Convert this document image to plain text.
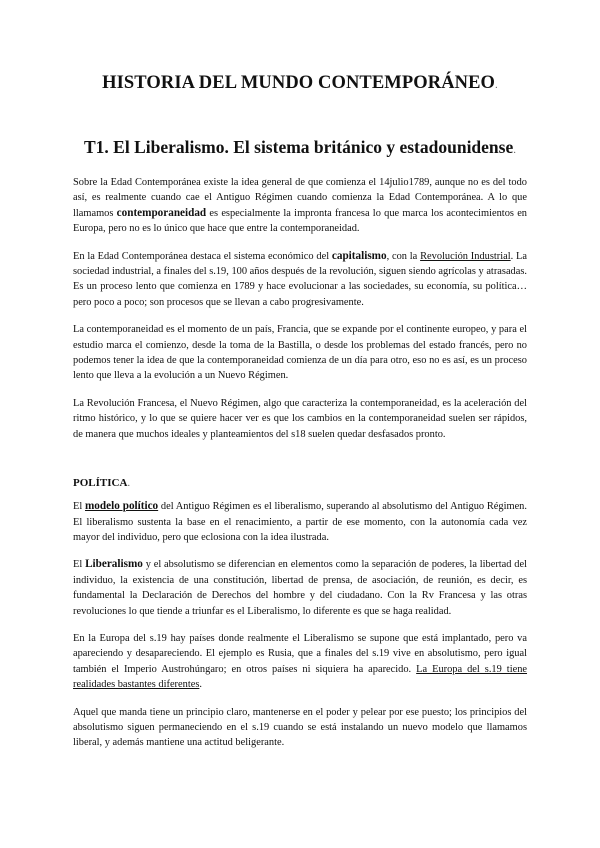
HISTORIA DEL MUNDO CONTEMPORÁNEO.
T1. El Liberalismo. El sistema británico y estadounidense.

Sobre la Edad Contemporánea existe la idea general de que comienza el 14julio1789, aunque no es del todo así, es realmente cuando cae el Antiguo Régimen cuando comienza la Edad Contemporánea. A lo que llamamos contemporaneidad es especialmente la impronta francesa lo que marca los acontecimientos en Europa, pero no es lo único que hace que entre la contemporaneidad.

En la Edad Contemporánea destaca el sistema económico del capitalismo, con la Revolución Industrial. La sociedad industrial, a finales del s.19, 100 años después de la revolución, siguen siendo agrícolas y atrasadas. Es un proceso lento que comienza en 1789 y hace evolucionar a las sociedades, su economía, su política… pero poco a poco; son procesos que se llevan a cabo progresivamente.

La contemporaneidad es el momento de un país, Francia, que se expande por el continente europeo, y para el estudio marca el comienzo, desde la toma de la Bastilla, o desde los problemas del estado francés, pero no podemos tener la idea de que la contemporaneidad comienza de un día para otro, eso no es así, es un proceso lento que lleva a la evolución a un Nuevo Régimen.

La Revolución Francesa, el Nuevo Régimen, algo que caracteriza la contemporaneidad, es la aceleración del ritmo histórico, y lo que se quiere hacer ver es que los cambios en la contemporaneidad suelen ser rápidos, de manera que muchos ideales y planteamientos del s18 suelen quedar desfasados pronto.

POLÍTICA.

El modelo político del Antiguo Régimen es el liberalismo, superando al absolutismo del Antiguo Régimen. El liberalismo sustenta la base en el renacimiento, a partir de ese momento, con la autonomía cada vez mayor del individuo, pero que eclosiona con la idea ilustrada.

El Liberalismo y el absolutismo se diferencian en elementos como la separación de poderes, la libertad del individuo, la existencia de una constitución, libertad de prensa, de asociación, de reunión, es decir, es fundamental la Declaración de Derechos del hombre y del ciudadano. Con la Rv Francesa y las otras revoluciones lo que tiende a triunfar es el Liberalismo, lo diferente es que se haga realidad.

En la Europa del s.19 hay países donde realmente el Liberalismo se supone que está implantado, pero va apareciendo y desapareciendo. El ejemplo es Rusia, que a finales del s.19 vive en absolutismo, pero igual también el Imperio Austrohúngaro; en otros países ni siquiera ha aparecido. La Europa del s.19 tiene realidades bastantes diferentes.

Aquel que manda tiene un principio claro, mantenerse en el poder y pelear por ese puesto; los principios del absolutismo siguen permaneciendo en el s.19 cuando se está instalando un nuevo modelo que llamamos liberal, y además mantiene una actitud beligerante.
